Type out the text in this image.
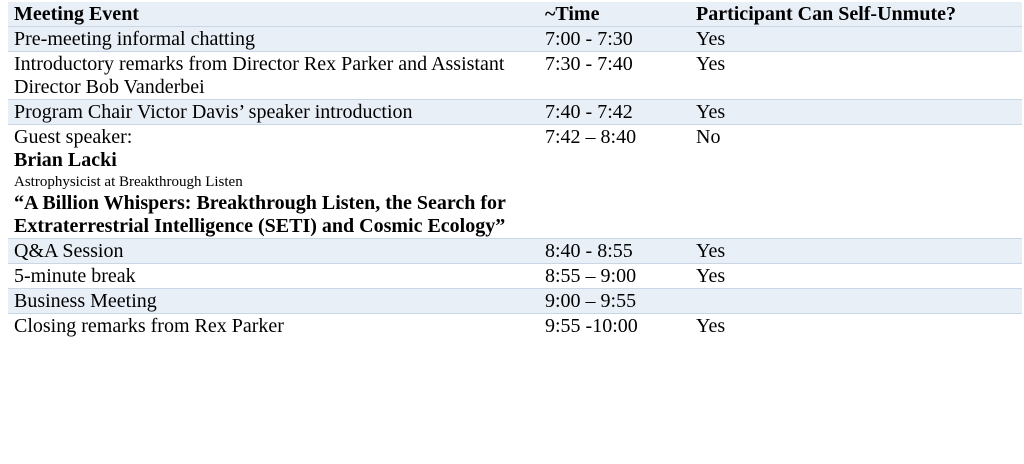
Meeting Event	~Time	Participant Can Self-Unmute?
Pre-meeting informal chatting	7:00 - 7:30	Yes
Introductory remarks from Director Rex Parker and Assistant Director Bob Vanderbei	7:30 - 7:40	Yes
Program Chair Victor Davis’ speaker introduction	7:40 - 7:42	Yes

Guest speaker:
Brian Lacki
Astrophysicist at Breakthrough Listen
“A Billion Whispers: Breakthrough Listen, the Search for Extraterrestrial Intelligence (SETI) and Cosmic Ecology”	7:42 – 8:40	No
Q&A Session	8:40 - 8:55	Yes
5-minute break	8:55 – 9:00	Yes
Business Meeting	9:00 – 9:55	
Closing remarks from Rex Parker	9:55 -10:00	Yes
